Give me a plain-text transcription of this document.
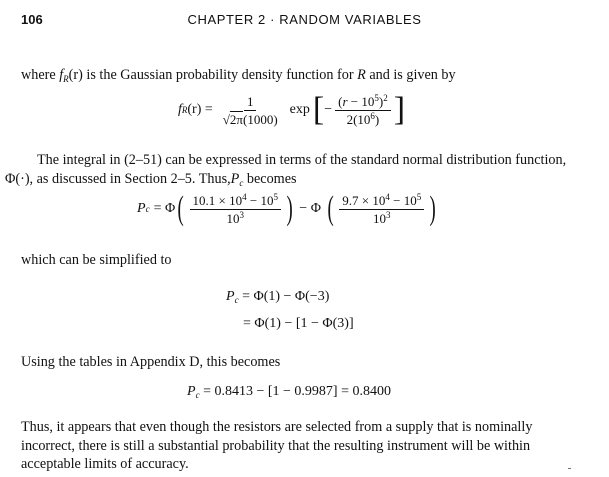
106	CHAPTER 2 · RANDOM VARIABLES

where $f_R(r)$ is the Gaussian probability density function for R and is given by

f R $(r) = \frac{1}{√2\pi(1000)}$ exp [ − $\frac{(r - 10^5)^2}{2(10^6)}$ ]

The integral in (2–51) can be expressed in terms of the standard normal distribution function,
Φ(·), as discussed in Section 2–5. $Thus,P_c$ becomes

P c = Φ ( $\frac{10.1 \times 10^4 - 10^5}{10^3}$ ) − Φ ( $\frac{9.7 \times 10^4 - 10^5}{10^3}$ )

which can be simplified to

$P_c = \Phi(1) - \Phi(-3)$
= Φ(1) − [1 − Φ(3)]

Using the tables in Appendix D, this becomes

$P_c = 0.8413 - [1 - 0.9987] = 0.8400$

Thus, it appears that even though the resistors are selected from a supply that is nominally incorrect, there is still a substantial probability that the resulting instrument will be within acceptable limits of accuracy.
